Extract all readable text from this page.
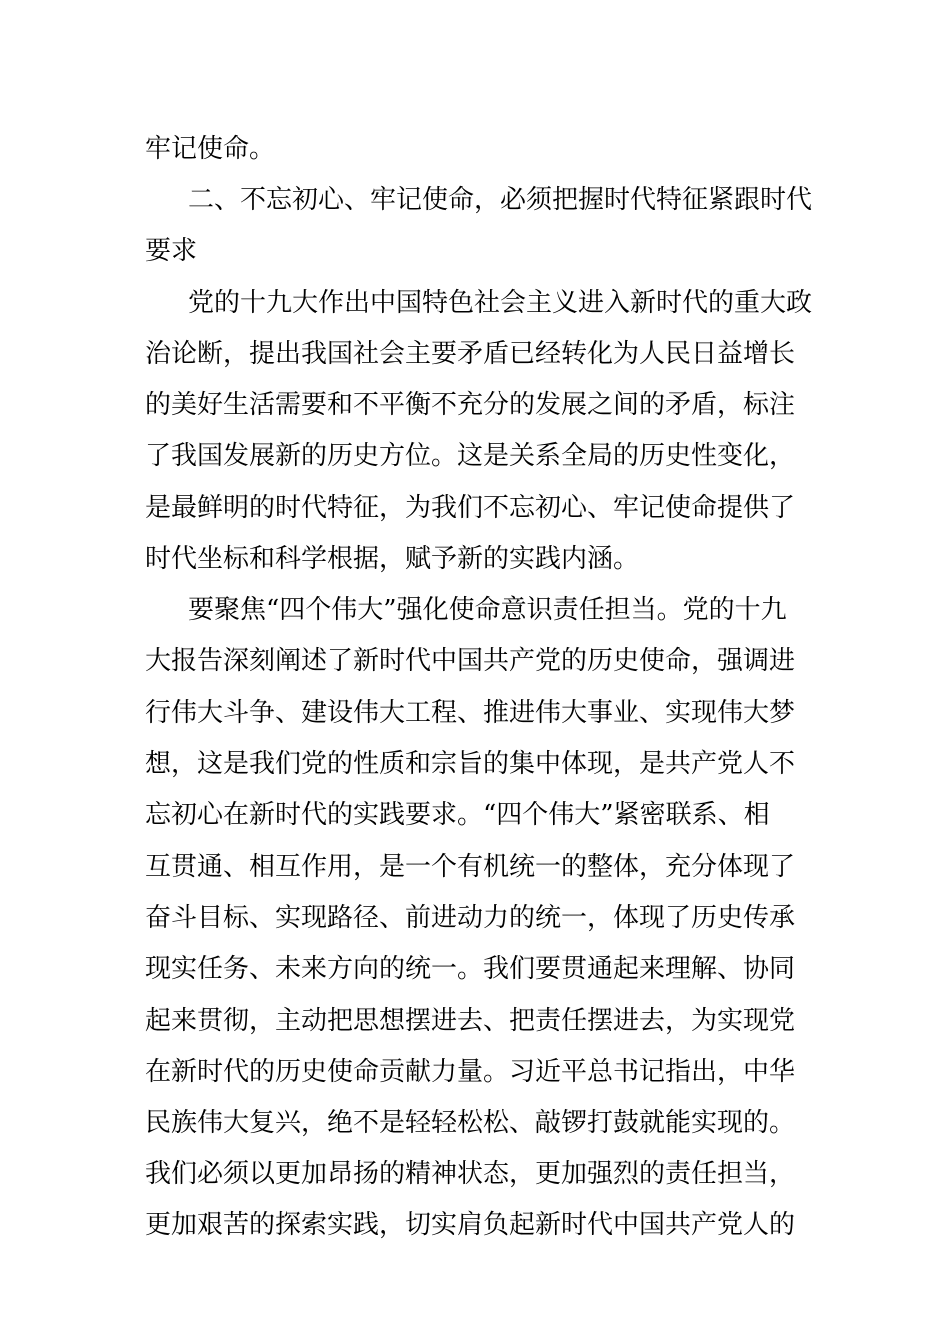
牢记使命。
二、不忘初心、牢记使命，必须把握时代特征紧跟时代
要求
党的十九大作出中国特色社会主义进入新时代的重大政
治论断，提出我国社会主要矛盾已经转化为人民日益增长
的美好生活需要和不平衡不充分的发展之间的矛盾，标注
了我国发展新的历史方位。这是关系全局的历史性变化，
是最鲜明的时代特征，为我们不忘初心、牢记使命提供了
时代坐标和科学根据，赋予新的实践内涵。
要聚焦“四个伟大”强化使命意识责任担当。党的十九
大报告深刻阐述了新时代中国共产党的历史使命，强调进
行伟大斗争、建设伟大工程、推进伟大事业、实现伟大梦
想，这是我们党的性质和宗旨的集中体现，是共产党人不
忘初心在新时代的实践要求。“四个伟大”紧密联系、相
互贯通、相互作用，是一个有机统一的整体，充分体现了
奋斗目标、实现路径、前进动力的统一，体现了历史传承
现实任务、未来方向的统一。我们要贯通起来理解、协同
起来贯彻，主动把思想摆进去、把责任摆进去，为实现党
在新时代的历史使命贡献力量。习近平总书记指出，中华
民族伟大复兴，绝不是轻轻松松、敲锣打鼓就能实现的。
我们必须以更加昂扬的精神状态，更加强烈的责任担当，
更加艰苦的探索实践，切实肩负起新时代中国共产党人的
